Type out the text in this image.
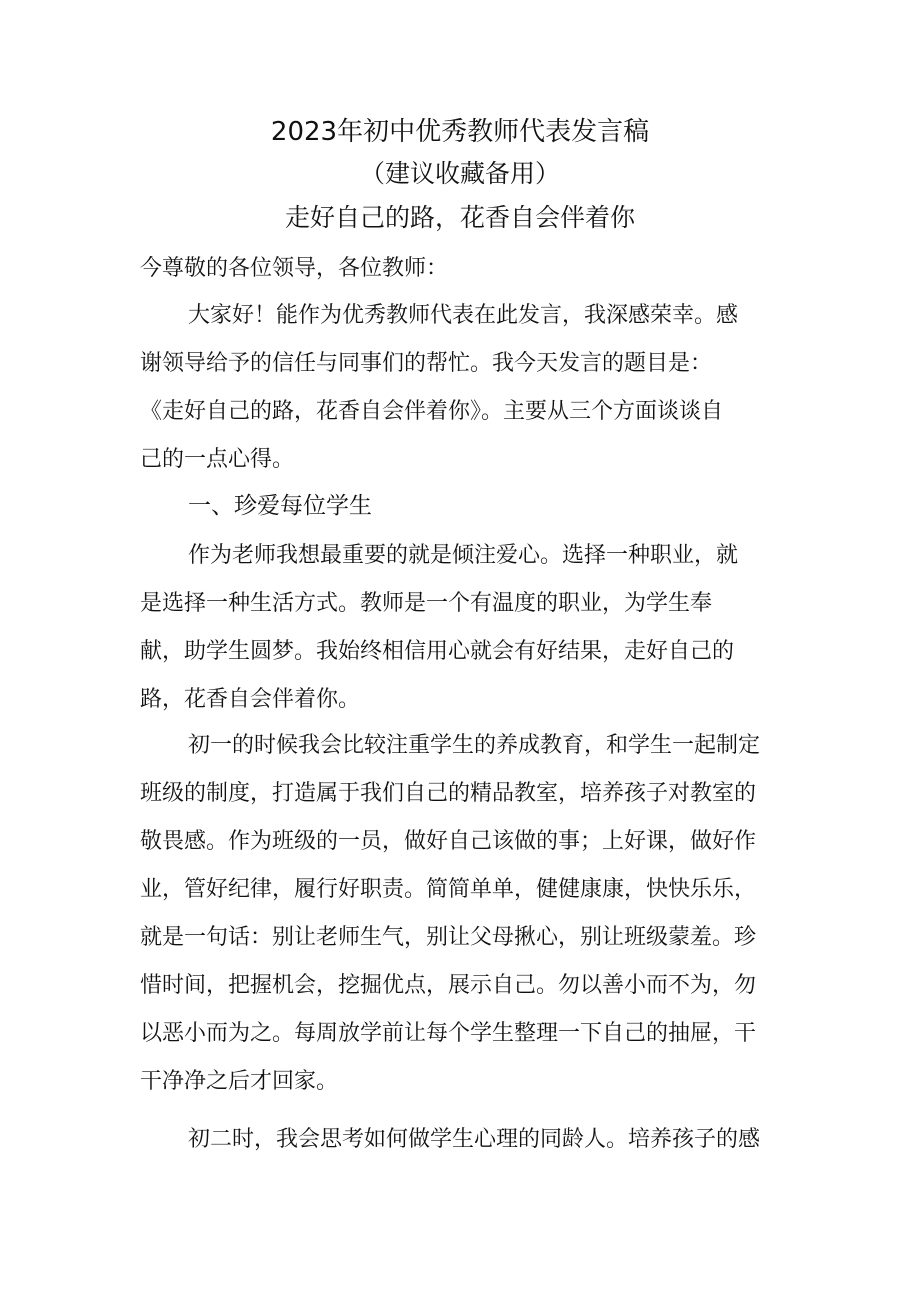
2023年初中优秀教师代表发言稿
（建议收藏备用）
走好自己的路，花香自会伴着你
今尊敬的各位领导，各位教师：
大家好！能作为优秀教师代表在此发言，我深感荣幸。感
谢领导给予的信任与同事们的帮忙。我今天发言的题目是：
《走好自己的路，花香自会伴着你》。主要从三个方面谈谈自
己的一点心得。
一、珍爱每位学生
作为老师我想最重要的就是倾注爱心。选择一种职业，就
是选择一种生活方式。教师是一个有温度的职业，为学生奉
献，助学生圆梦。我始终相信用心就会有好结果，走好自己的
路，花香自会伴着你。
初一的时候我会比较注重学生的养成教育，和学生一起制定
班级的制度，打造属于我们自己的精品教室，培养孩子对教室的
敬畏感。作为班级的一员，做好自己该做的事；上好课，做好作
业，管好纪律，履行好职责。简简单单，健健康康，快快乐乐，
就是一句话：别让老师生气，别让父母揪心，别让班级蒙羞。珍
惜时间，把握机会，挖掘优点，展示自己。勿以善小而不为，勿
以恶小而为之。每周放学前让每个学生整理一下自己的抽屉，干
干净净之后才回家。
初二时，我会思考如何做学生心理的同龄人。培养孩子的感
